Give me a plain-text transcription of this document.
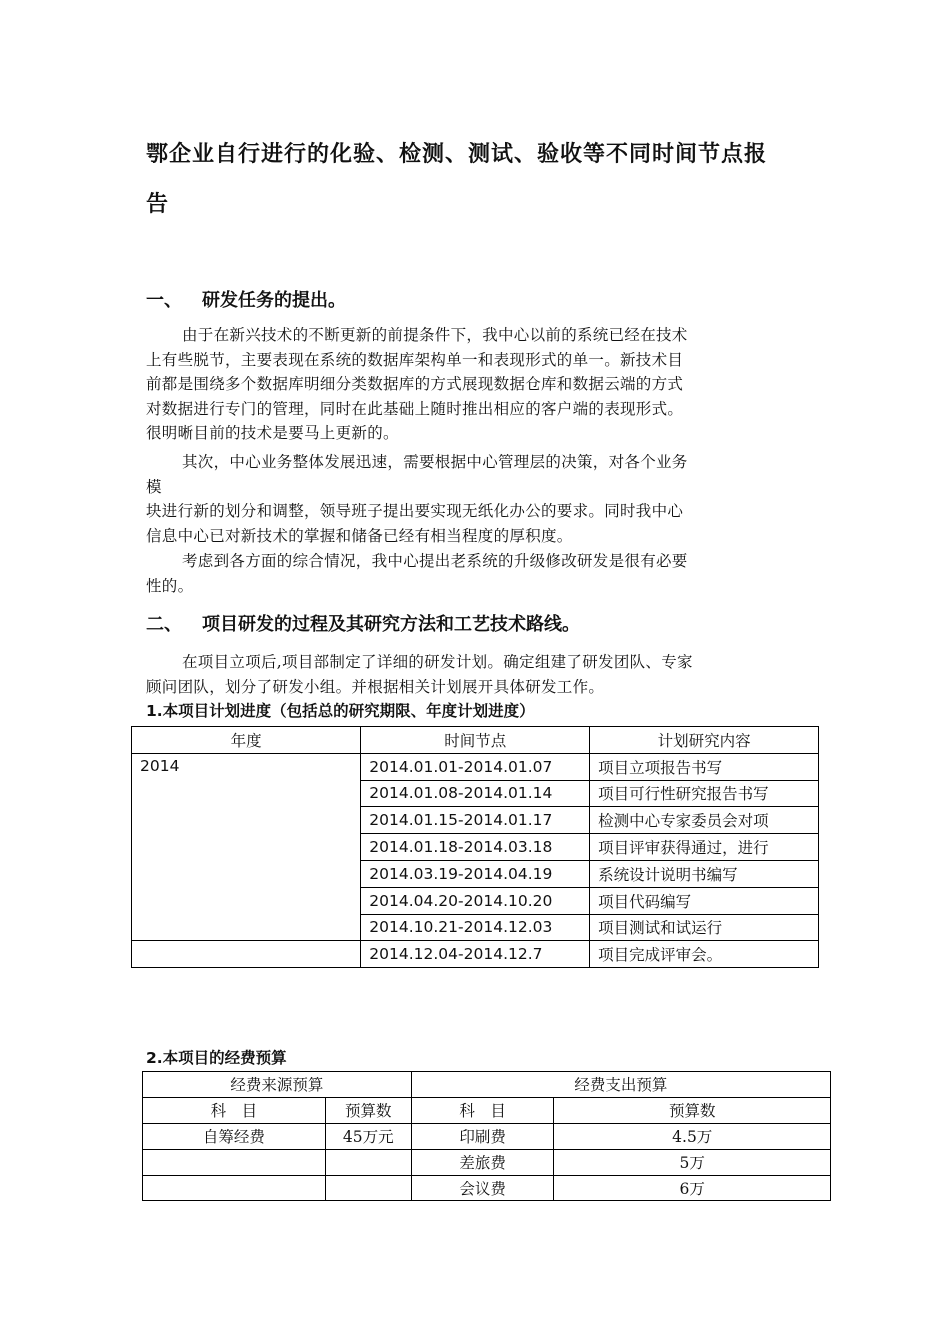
鄂企业自行进行的化验、检测、测试、验收等不同时间节点报
告
一、 研发任务的提出。
由于在新兴技术的不断更新的前提条件下，我中心以前的系统已经在技术
上有些脱节，主要表现在系统的数据库架构单一和表现形式的单一。新技术目
前都是围绕多个数据库明细分类数据库的方式展现数据仓库和数据云端的方式
对数据进行专门的管理，同时在此基础上随时推出相应的客户端的表现形式。
很明晰目前的技术是要马上更新的。
其次，中心业务整体发展迅速，需要根据中心管理层的决策，对各个业务
模
块进行新的划分和调整，领导班子提出要实现无纸化办公的要求。同时我中心
信息中心已对新技术的掌握和储备已经有相当程度的厚积度。
考虑到各方面的综合情况，我中心提出老系统的升级修改研发是很有必要
性的。
二、 项目研发的过程及其研究方法和工艺技术路线。
在项目立项后,项目部制定了详细的研发计划。确定组建了研发团队、专家
顾问团队，划分了研发小组。并根据相关计划展开具体研发工作。
1.本项目计划进度（包括总的研究期限、年度计划进度）
年度	时间节点	计划研究内容
2014	2014.01.01-2014.01.07	项目立项报告书写
	2014.01.08-2014.01.14	项目可行性研究报告书写
	2014.01.15-2014.01.17	检测中心专家委员会对项
	2014.01.18-2014.03.18	项目评审获得通过，进行
	2014.03.19-2014.04.19	系统设计说明书编写
	2014.04.20-2014.10.20	项目代码编写
	2014.10.21-2014.12.03	项目测试和试运行
	2014.12.04-2014.12.7	项目完成评审会。
2.本项目的经费预算
经费来源预算		经费支出预算	
科　目	预算数	科　目	预算数
自筹经费	45万元	印刷费	4.5万
		差旅费	5万
		会议费	6万
